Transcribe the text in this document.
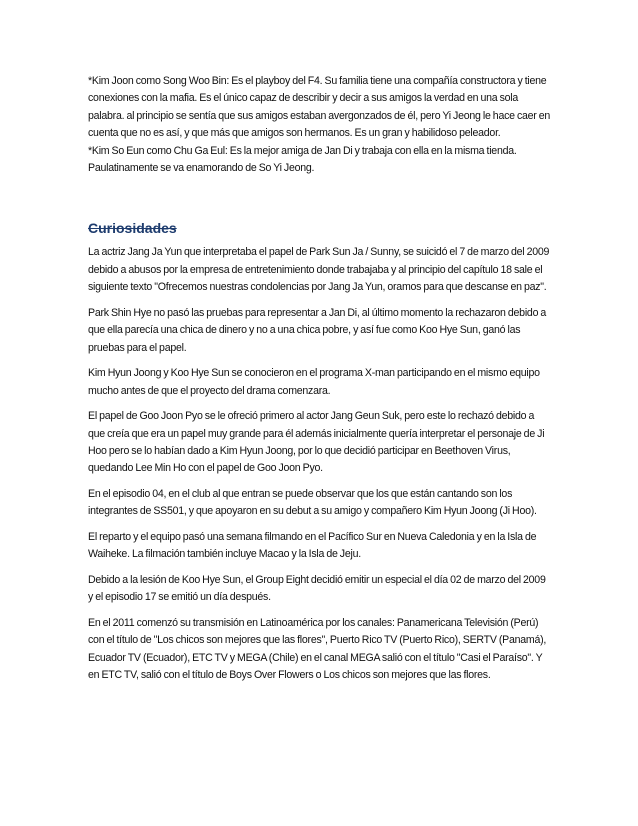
*Kim Joon como Song Woo Bin: Es el playboy del F4. Su familia tiene una compañía constructora y tiene conexiones con la mafia. Es el único capaz de describir y decir a sus amigos la verdad en una sola palabra. al principio se sentía que sus amigos estaban avergonzados de él, pero Yi Jeong le hace caer en cuenta que no es así, y que más que amigos son hermanos. Es un gran y habilidoso peleador.

*Kim So Eun como Chu Ga Eul: Es la mejor amiga de Jan Di y trabaja con ella en la misma tienda. Paulatinamente se va enamorando de So Yi Jeong.

Curiosidades

La actriz Jang Ja Yun que interpretaba el papel de Park Sun Ja / Sunny, se suicidó el 7 de marzo del 2009 debido a abusos por la empresa de entretenimiento donde trabajaba y al principio del capítulo 18 sale el siguiente texto "Ofrecemos nuestras condolencias por Jang Ja Yun, oramos para que descanse en paz".

Park Shin Hye no pasó las pruebas para representar a Jan Di, al último momento la rechazaron debido a que ella parecía una chica de dinero y no a una chica pobre, y así fue como Koo Hye Sun, ganó las pruebas para el papel.

Kim Hyun Joong y Koo Hye Sun se conocieron en el programa X-man participando en el mismo equipo mucho antes de que el proyecto del drama comenzara.

El papel de Goo Joon Pyo se le ofreció primero al actor Jang Geun Suk, pero este lo rechazó debido a que creía que era un papel muy grande para él además inicialmente quería interpretar el personaje de Ji Hoo pero se lo habían dado a Kim Hyun Joong, por lo que decidió participar en Beethoven Virus, quedando Lee Min Ho con el papel de Goo Joon Pyo.

En el episodio 04, en el club al que entran se puede observar que los que están cantando son los integrantes de SS501, y que apoyaron en su debut a su amigo y compañero Kim Hyun Joong (Ji Hoo).

El reparto y el equipo pasó una semana filmando en el Pacífico Sur en Nueva Caledonia y en la Isla de Waiheke. La filmación también incluye Macao y la Isla de Jeju.

Debido a la lesión de Koo Hye Sun, el Group Eight decidió emitir un especial el día 02 de marzo del 2009 y el episodio 17 se emitió un día después.

En el 2011 comenzó su transmisión en Latinoamérica por los canales: Panamericana Televisión (Perú) con el título de "Los chicos son mejores que las flores", Puerto Rico TV (Puerto Rico), SERTV (Panamá), Ecuador TV (Ecuador), ETC TV y MEGA (Chile) en el canal MEGA salió con el título "Casi el Paraíso". Y en ETC TV, salió con el título de Boys Over Flowers o Los chicos son mejores que las flores.
